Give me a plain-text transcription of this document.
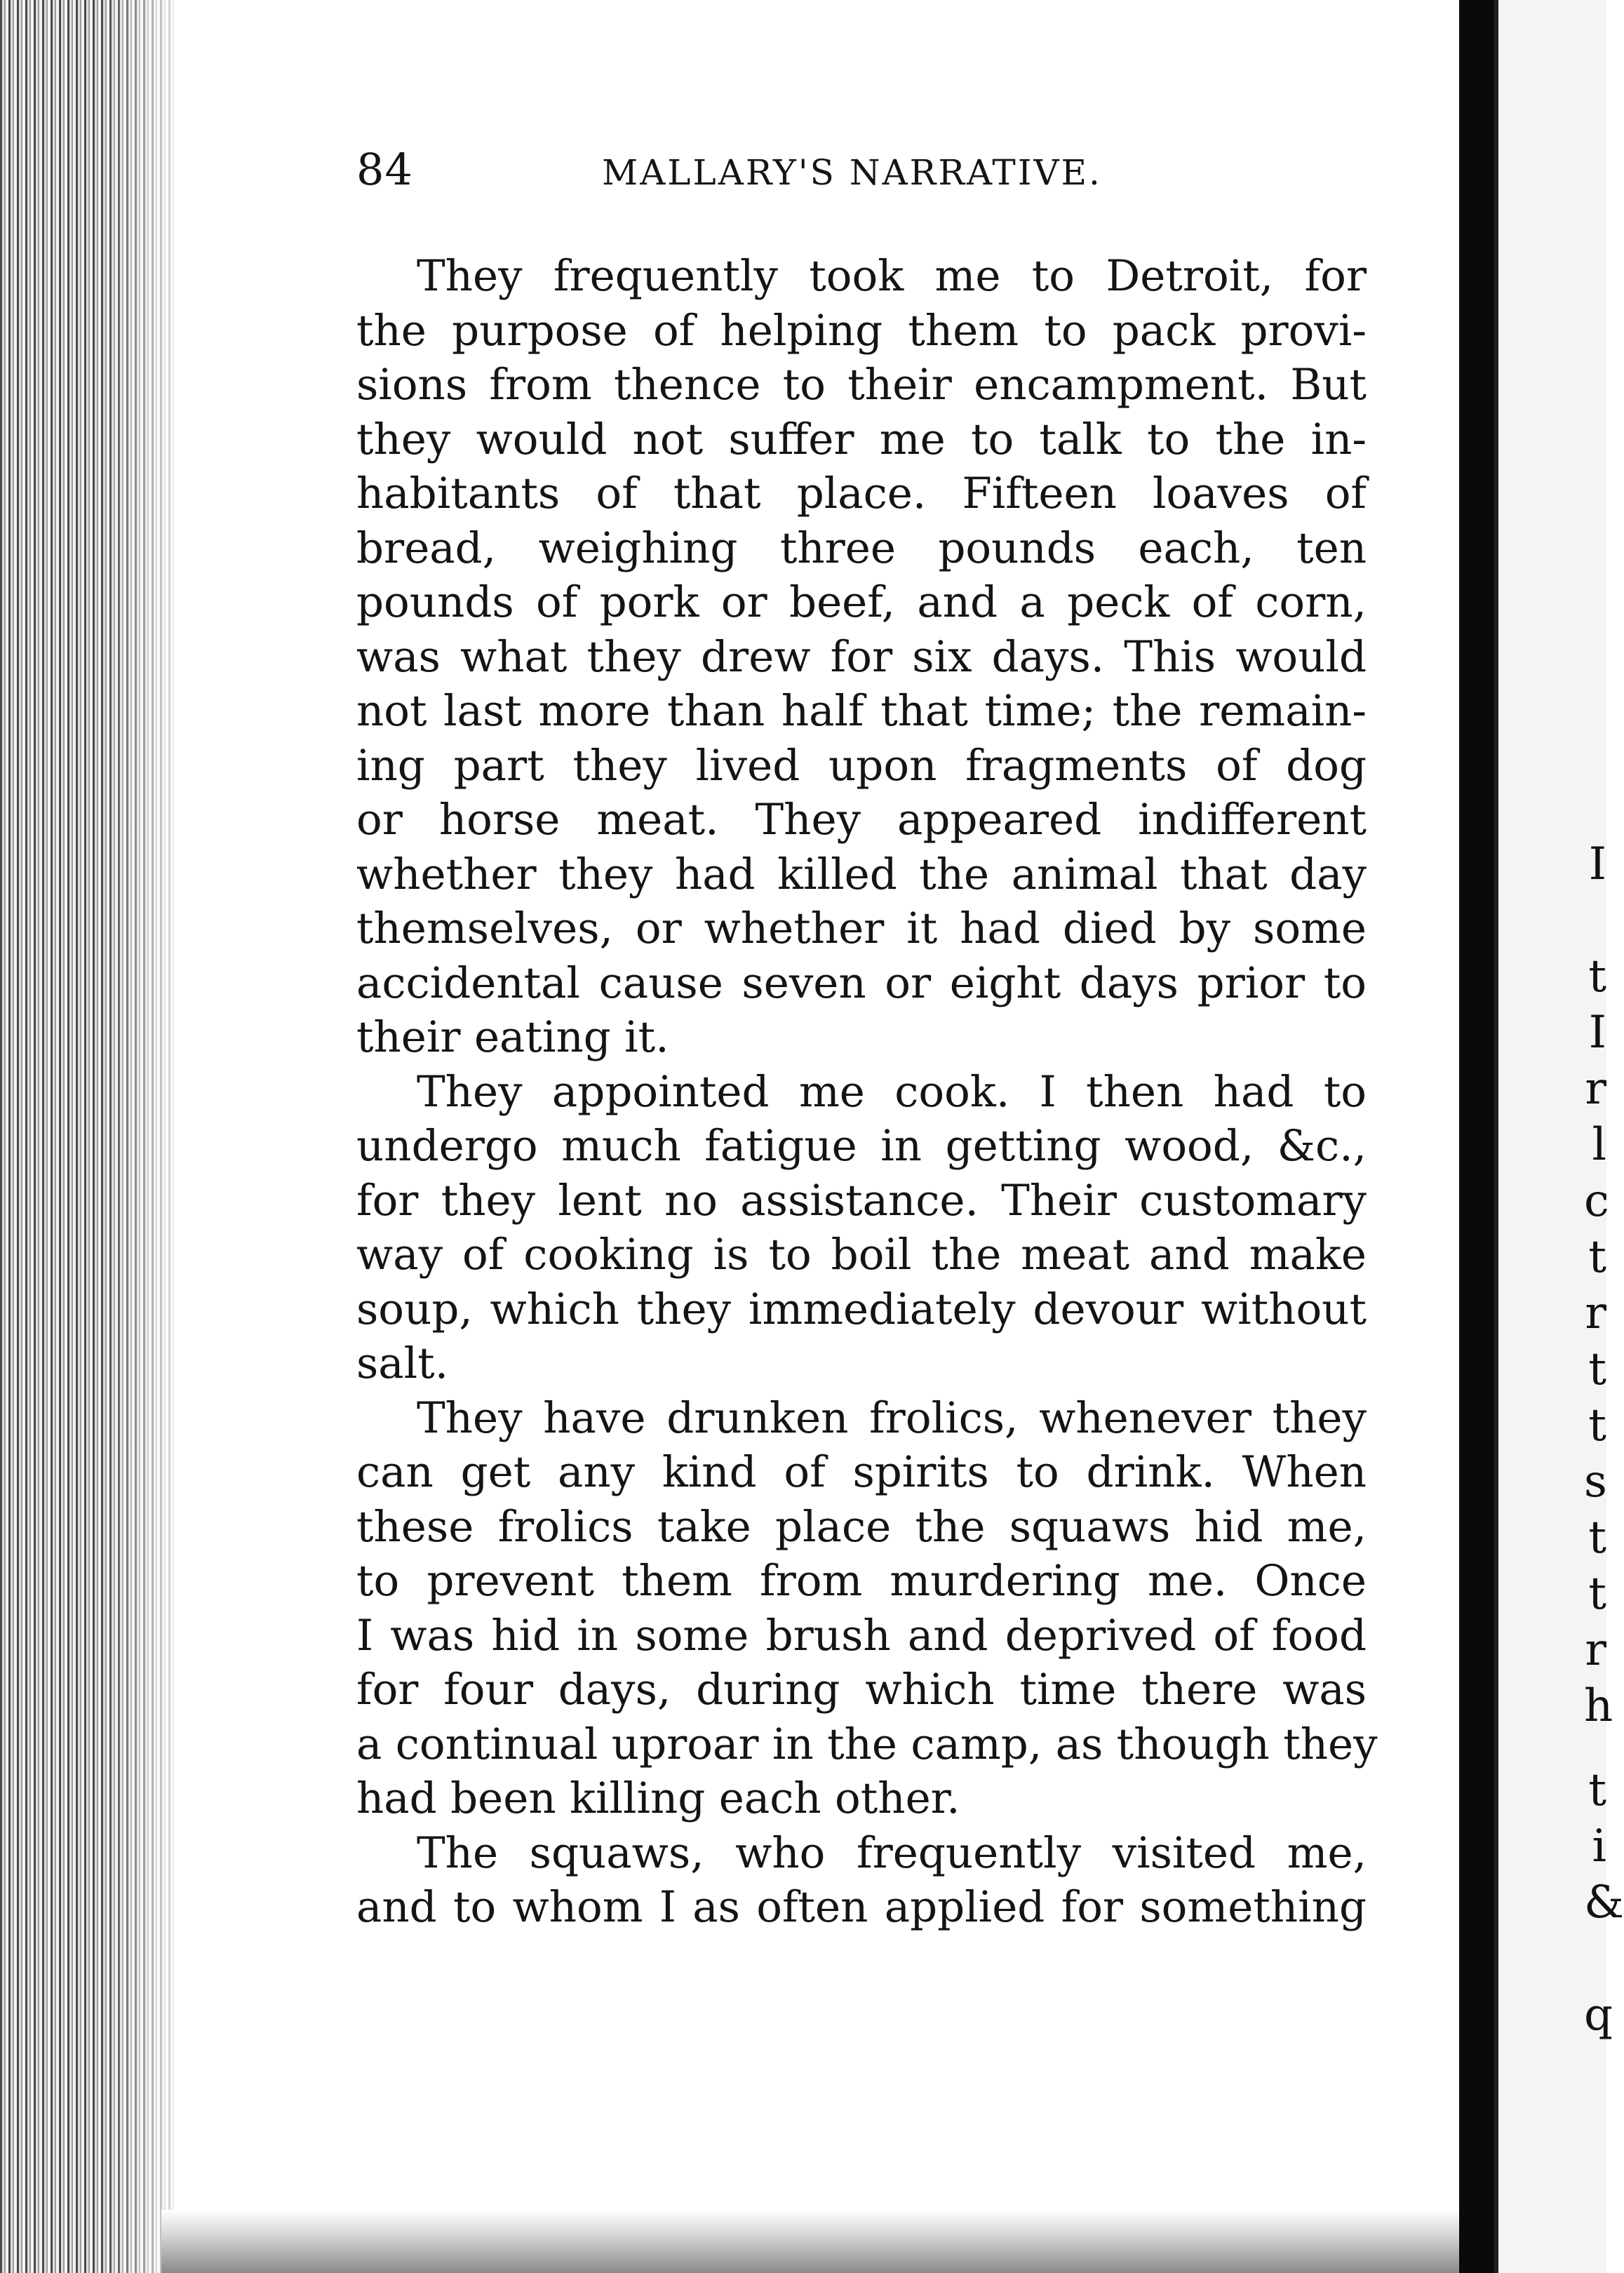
84	MALLARY'S NARRATIVE.
They frequently took me to Detroit, for
the purpose of helping them to pack provi-
sions from thence to their encampment. But
they would not suffer me to talk to the in-
habitants of that place. Fifteen loaves of
bread, weighing three pounds each, ten
pounds of pork or beef, and a peck of corn,
was what they drew for six days. This would
not last more than half that time; the remain-
ing part they lived upon fragments of dog
or horse meat. They appeared indifferent
whether they had killed the animal that day
themselves, or whether it had died by some
accidental cause seven or eight days prior to
their eating it.
They appointed me cook. I then had to
undergo much fatigue in getting wood, &c.,
for they lent no assistance. Their customary
way of cooking is to boil the meat and make
soup, which they immediately devour without
salt.
They have drunken frolics, whenever they
can get any kind of spirits to drink. When
these frolics take place the squaws hid me,
to prevent them from murdering me. Once
I was hid in some brush and deprived of food
for four days, during which time there was
a continual uproar in the camp, as though they
had been killing each other.
The squaws, who frequently visited me,
and to whom I as often applied for something
I
t
I
r
l
c
t
r
t
t
s
t
t
r
h
t
i
&
q
